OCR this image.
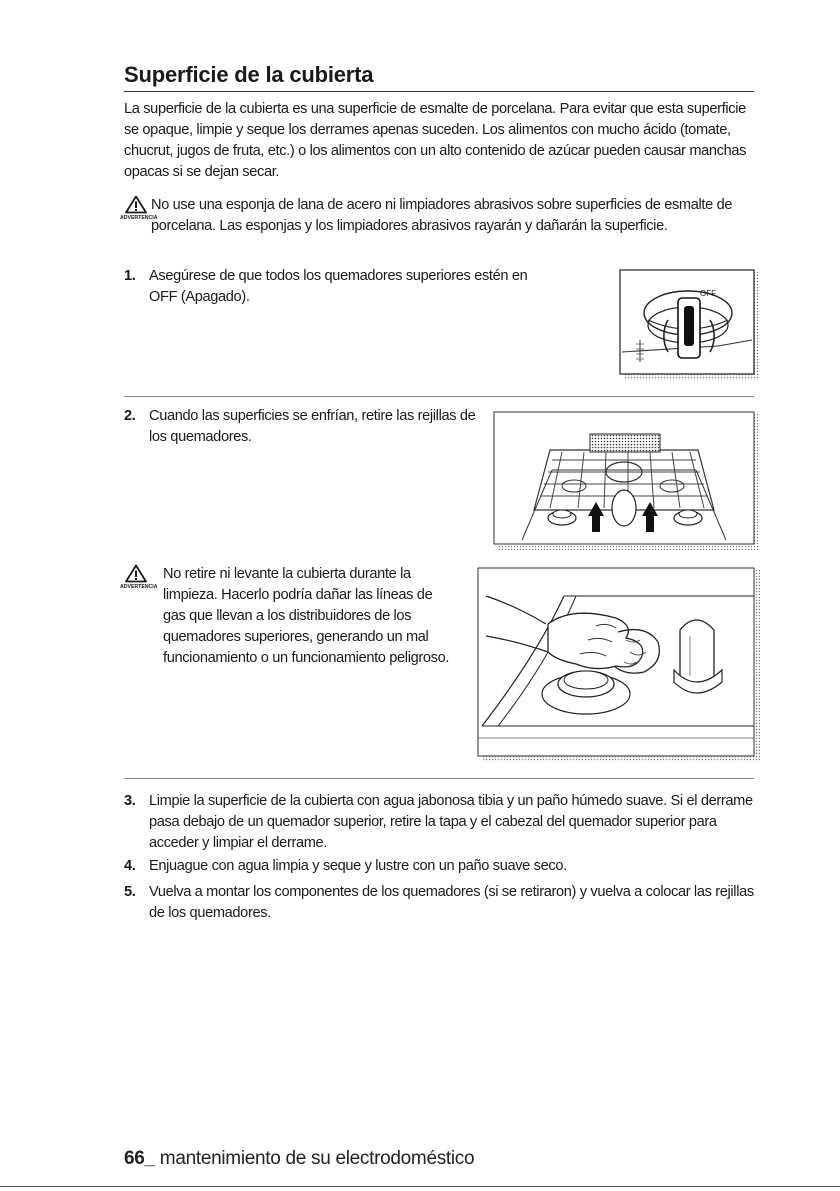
Superficie de la cubierta
La superficie de la cubierta es una superficie de esmalte de porcelana. Para evitar que esta superficie se opaque, limpie y seque los derrames apenas suceden. Los alimentos con mucho ácido (tomate, chucrut, jugos de fruta, etc.) o los alimentos con un alto contenido de azúcar pueden causar manchas opacas si se dejan secar.
ADVERTENCIA
No use una esponja de lana de acero ni limpiadores abrasivos sobre superficies de esmalte de porcelana. Las esponjas y los limpiadores abrasivos rayarán y dañarán la superficie.
1. Asegúrese de que todos los quemadores superiores estén en OFF (Apagado).	OFF
2. Cuando las superficies se enfrían, retire las rejillas de los quemadores.
ADVERTENCIA
No retire ni levante la cubierta durante la limpieza. Hacerlo podría dañar las líneas de gas que llevan a los distribuidores de los quemadores superiores, generando un mal funcionamiento o un funcionamiento peligroso.
3. Limpie la superficie de la cubierta con agua jabonosa tibia y un paño húmedo suave. Si el derrame pasa debajo de un quemador superior, retire la tapa y el cabezal del quemador superior para acceder y limpiar el derrame.
4. Enjuague con agua limpia y seque y lustre con un paño suave seco.
5. Vuelva a montar los componentes de los quemadores (si se retiraron) y vuelva a colocar las rejillas de los quemadores.
66_ mantenimiento de su electrodoméstico
